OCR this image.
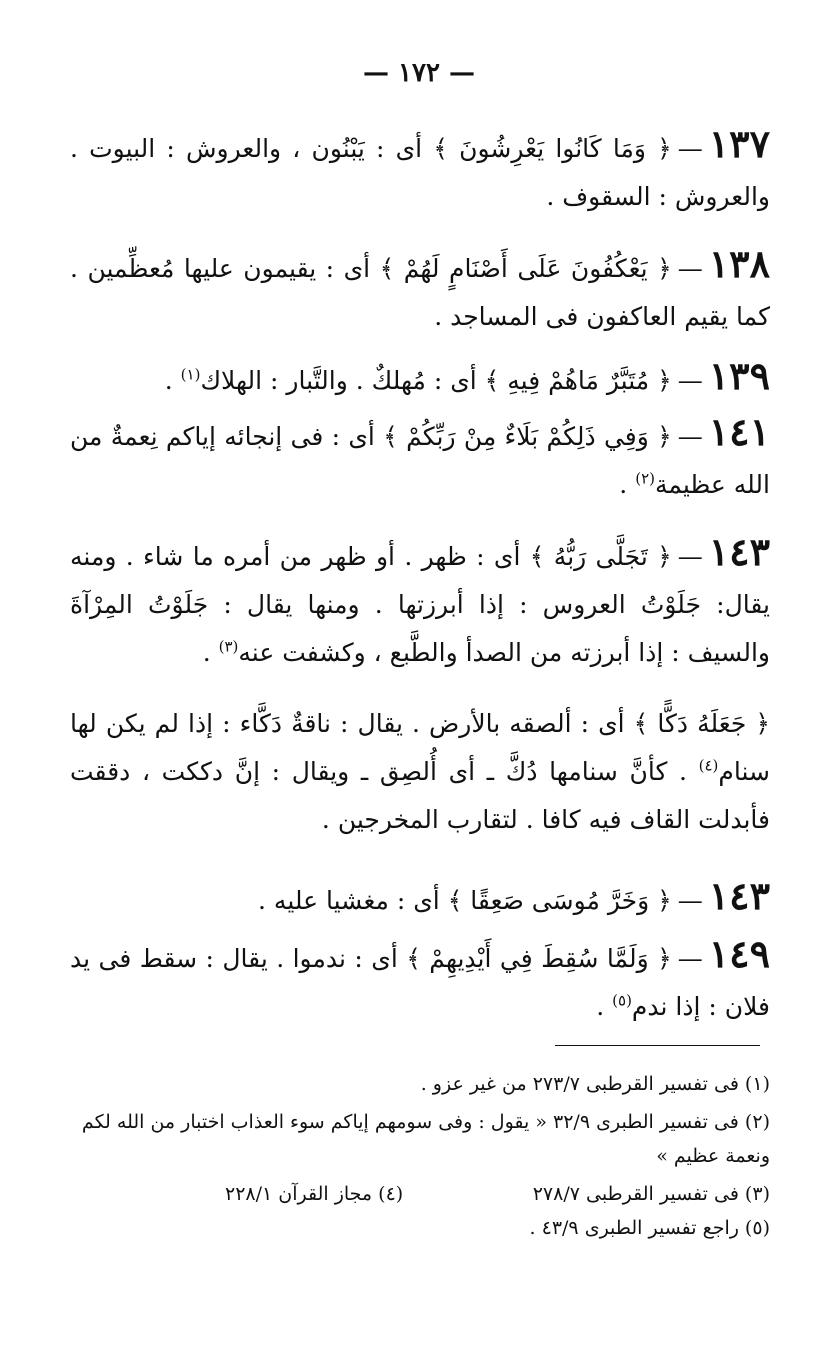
— ١٧٢ —
١٣٧—﴿ وَمَا كَانُوا يَعْرِشُونَ ﴾ أى : يَبْنُون ، والعروش : البيوت . والعروش : السقوف .
١٣٨—﴿ يَعْكُفُونَ عَلَى أَصْنَامٍ لَهُمْ ﴾ أى : يقيمون عليها مُعظِّمين . كما يقيم العاكفون فى المساجد .
١٣٩—﴿ مُتَبَّرٌ مَاهُمْ فِيهِ ﴾ أى : مُهلكٌ . والتَّبار : الهلاك$^{(١)}$ .
١٤١—﴿ وَفِي ذَلِكُمْ بَلَاءٌ مِنْ رَبِّكُمْ ﴾ أى : فى إنجائه إياكم نِعمةٌ من الله عظيمة$^{(٢)}$ .
١٤٣—﴿ تَجَلَّى رَبُّهُ ﴾ أى : ظهر . أو ظهر من أمره ما شاء . ومنه يقال: جَلَوْتُ العروس : إذا أبرزتها . ومنها يقال : جَلَوْتُ المِرْآةَ والسيف : إذا أبرزته من الصدأ والطَّبع ، وكشفت عنه$^{(٣)}$ .
﴿ جَعَلَهُ دَكًّا ﴾ أى : ألصقه بالأرض . يقال : ناقةٌ دَكَّاء : إذا لم يكن لها سنام$^{(٤)}$ . كأنَّ سنامها دُكَّ ـ أى أُلصِق ـ ويقال : إنَّ دككت ، دققت فأبدلت القاف فيه كافا . لتقارب المخرجين .
١٤٣—﴿ وَخَرَّ مُوسَى صَعِقًا ﴾ أى : مغشيا عليه .
١٤٩—﴿ وَلَمَّا سُقِطَ فِي أَيْدِيهِمْ ﴾ أى : ندموا . يقال : سقط فى يد فلان : إذا ندم$^{(٥)}$ .
(١) فى تفسير القرطبى ٢٧٣/٧ من غير عزو .
(٢) فى تفسير الطبرى ٣٢/٩ « يقول : وفى سومهم إياكم سوء العذاب اختبار من الله لكم
ونعمة عظيم »
(٣) فى تفسير القرطبى ٢٧٨/٧
(٤) مجاز القرآن ٢٢٨/١
(٥) راجع تفسير الطبرى ٤٣/٩ .
